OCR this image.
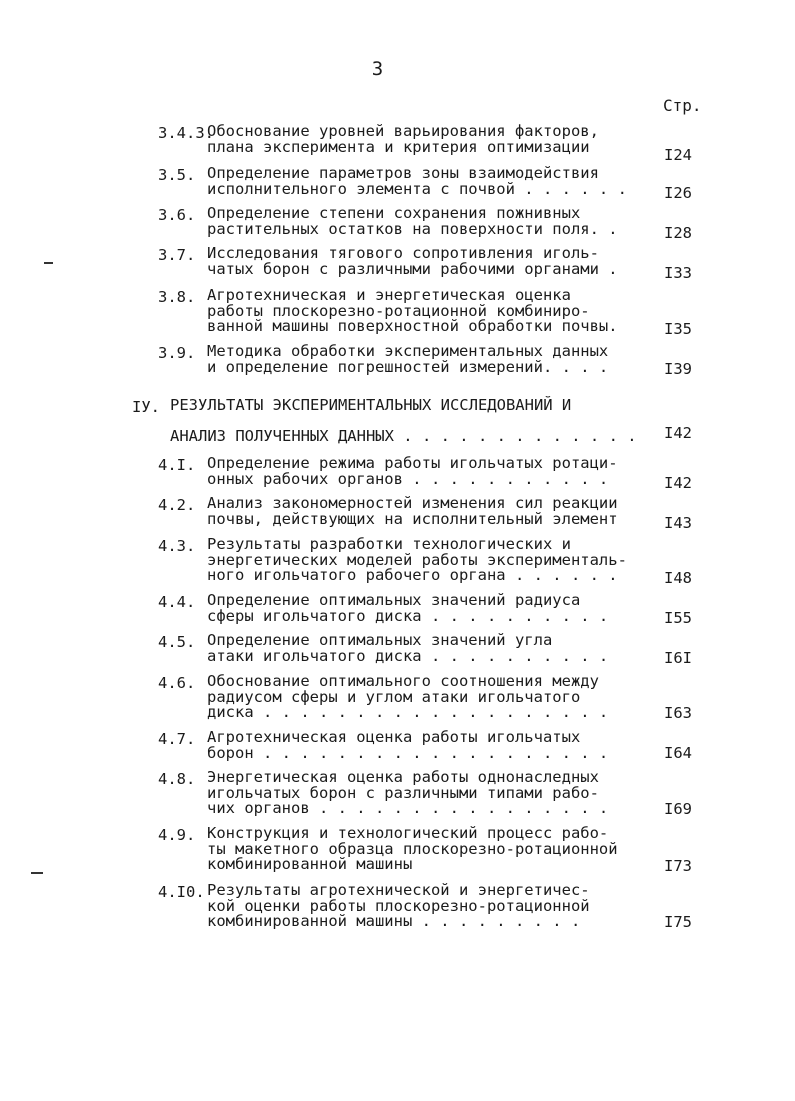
3
Стр.
3.4.3.
Обоснование уровней варьирования факторов,
плана эксперимента и критерия оптимизации	I24
3.5. Определение параметров зоны взаимодействия
исполнительного элемента с почвой . . . . . .	I26
3.6. Определение степени сохранения пожнивных
растительных остатков на поверхности поля. .	I28
3.7. Исследования тягового сопротивления иголь-
чатых борон с различными рабочими органами .	I33
3.8. Агротехническая и энергетическая оценка
работы плоскорезно-ротационной комбиниро-
ванной машины поверхностной обработки почвы.	I35
3.9. Методика обработки экспериментальных данных
и определение погрешностей измерений. . . .	I39
IУ. РЕЗУЛЬТАТЫ ЭКСПЕРИМЕНТАЛЬНЫХ ИССЛЕДОВАНИЙ И
АНАЛИЗ ПОЛУЧЕННЫХ ДАННЫХ . . . . . . . . . . . . . I42
4.I. Определение режима работы игольчатых ротаци-
онных рабочих органов . . . . . . . . . . .	I42
4.2. Анализ закономерностей изменения сил реакции
почвы, действующих на исполнительный элемент	I43
4.3. Результаты разработки технологических и
энергетических моделей работы эксперименталь-
ного игольчатого рабочего органа . . . . . .	I48
4.4. Определение оптимальных значений радиуса
сферы игольчатого диска . . . . . . . . . .	I55
4.5. Определение оптимальных значений угла
атаки игольчатого диска . . . . . . . . . .	I6I
4.6. Обоснование оптимального соотношения между
радиусом сферы и углом атаки игольчатого
диска . . . . . . . . . . . . . . . . . . .	I63
4.7. Агротехническая оценка работы игольчатых
борон . . . . . . . . . . . . . . . . . . .	I64
4.8. Энергетическая оценка работы однонаследных
игольчатых борон с различными типами рабо-
чих органов . . . . . . . . . . . . . . . .	I69
4.9. Конструкция и технологический процесс рабо-
ты макетного образца плоскорезно-ротационной
комбинированной машины	I73
4.I0. Результаты агротехнической и энергетичес-
кой оценки работы плоскорезно-ротационной
комбинированной машины . . . . . . . . .	I75
